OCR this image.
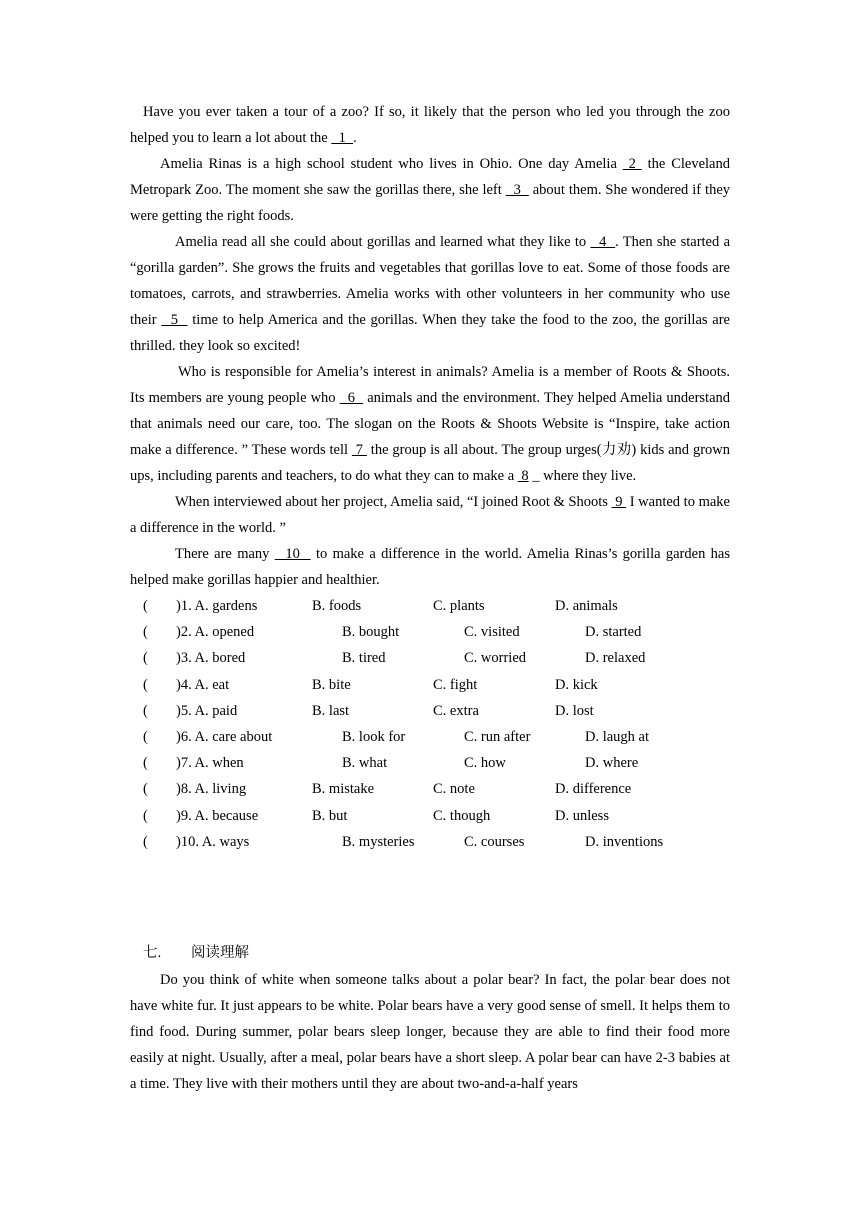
Have you ever taken a tour of a zoo? If so, it likely that the person who led you through the zoo helped you to learn a lot about the   1  .

Amelia Rinas is a high school student who lives in Ohio. One day Amelia  2  the Cleveland Metropark Zoo. The moment she saw the gorillas there, she left   3   about them. She wondered if they were getting the right foods.

Amelia read all she could about gorillas and learned what they like to   4  . Then she started a “gorilla garden”. She grows the fruits and vegetables that gorillas love to eat. Some of those foods are tomatoes, carrots, and strawberries. Amelia works with other volunteers in her community who use their   5   time to help America and the gorillas. When they take the food to the zoo, the gorillas are thrilled. they look so excited!

Who is responsible for Amelia’s interest in animals? Amelia is a member of Roots & Shoots. Its members are young people who   6   animals and the environment. They helped Amelia understand that animals need our care, too. The slogan on the Roots & Shoots Website is “Inspire, take action make a difference. ” These words tell  7  the group is all about. The group urges(力劝) kids and grown ups, including parents and teachers, to do what they can to make a  8 _ where they live.

When interviewed about her project, Amelia said, “I joined Root & Shoots  9  I wanted to make a difference in the world. ”

There are many   10   to make a difference in the world. Amelia Rinas’s gorilla garden has helped make gorillas happier and healthier.

( )1. A. gardens	B. foods	C. plants	D. animals
( )2. A. opened	B. bought	C. visited	D. started
( )3. A. bored	B. tired	C. worried	D. relaxed
( )4. A. eat	B. bite	C. fight	D. kick
( )5. A. paid	B. last	C. extra	D. lost
( )6. A. care about	B. look for	C. run after	D. laugh at
( )7. A. when	B. what	C. how	D. where
( )8. A. living	B. mistake	C. note	D. difference
( )9. A. because	B. but	C. though	D. unless
( )10. A. ways	B. mysteries	C. courses	D. inventions
七. 阅读理解

Do you think of white when someone talks about a polar bear? In fact, the polar bear does not have white fur. It just appears to be white. Polar bears have a very good sense of smell. It helps them to find food. During summer, polar bears sleep longer, because they are able to find their food more easily at night. Usually, after a meal, polar bears have a short sleep. A polar bear can have 2-3 babies at a time. They live with their mothers until they are about two-and-a-half years
